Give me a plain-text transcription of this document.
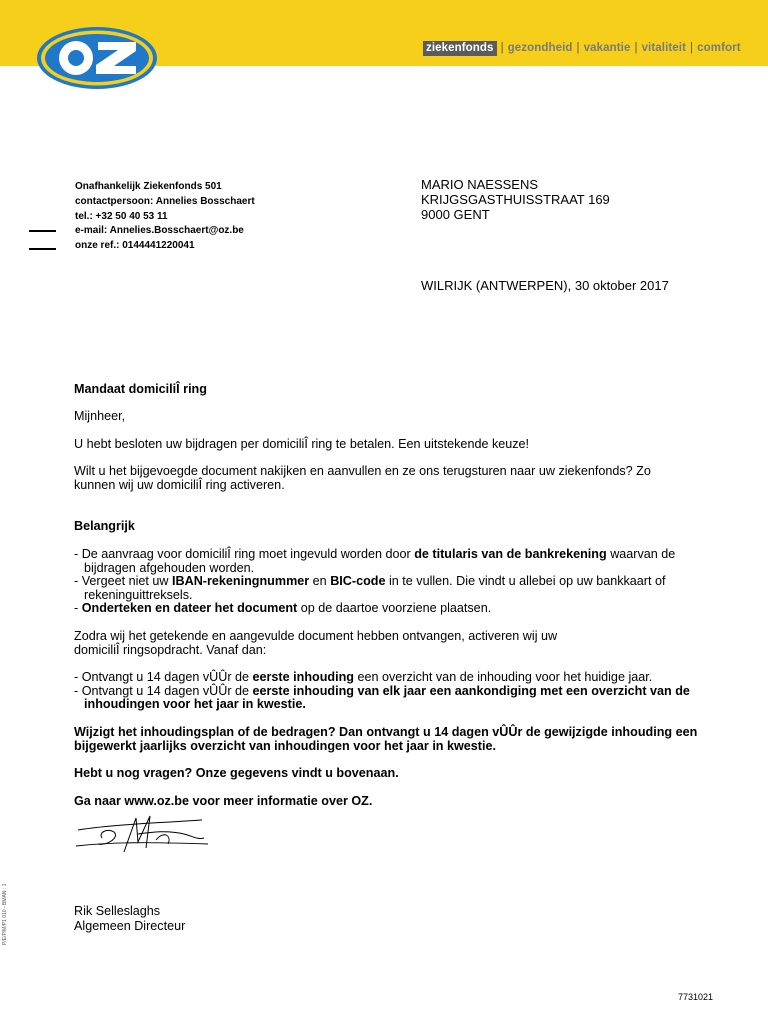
ziekenfonds | gezondheid | vakantie | vitaliteit | comfort
Onafhankelijk Ziekenfonds 501
contactpersoon: Annelies Bosschaert
tel.: +32 50 40 53 11
e-mail: Annelies.Bosschaert@oz.be
onze ref.: 0144441220041
MARIO NAESSENS
KRIJGSGASTHUISSTRAAT 169
9000 GENT
WILRIJK (ANTWERPEN), 30 oktober 2017
Mandaat domiciliÎ ring
Mijnheer,
U hebt besloten uw bijdragen per domiciliÎ ring te betalen. Een uitstekende keuze!
Wilt u het bijgevoegde document nakijken en aanvullen en ze ons terugsturen naar uw ziekenfonds? Zo
kunnen wij uw domiciliÎ ring activeren.
Belangrijk
- De aanvraag voor domiciliÎ ring moet ingevuld worden door de titularis van de bankrekening waarvan de
bijdragen afgehouden worden.
- Vergeet niet uw IBAN-rekeningnummer en BIC-code in te vullen. Die vindt u allebei op uw bankkaart of
rekeninguittreksels.
- Onderteken en dateer het document op de daartoe voorziene plaatsen.
Zodra wij het getekende en aangevulde document hebben ontvangen, activeren wij uw
domiciliÎ ringsopdracht. Vanaf dan:
- Ontvangt u 14 dagen vÛÛr de eerste inhouding een overzicht van de inhouding voor het huidige jaar.
- Ontvangt u 14 dagen vÛÛr de eerste inhouding van elk jaar een aankondiging met een overzicht van de
inhoudingen voor het jaar in kwestie.
Wijzigt het inhoudingsplan of de bedragen? Dan ontvangt u 14 dagen vÛÛr de gewijzigde inhouding een
bijgewerkt jaarlijks overzicht van inhoudingen voor het jaar in kwestie.
Hebt u nog vragen? Onze gegevens vindt u bovenaan.
Ga naar www.oz.be voor meer informatie over OZ.
Rik Selleslaghs
Algemeen Directeur
P/E/P/M/P1 010 - BMAN : 1
7731021
